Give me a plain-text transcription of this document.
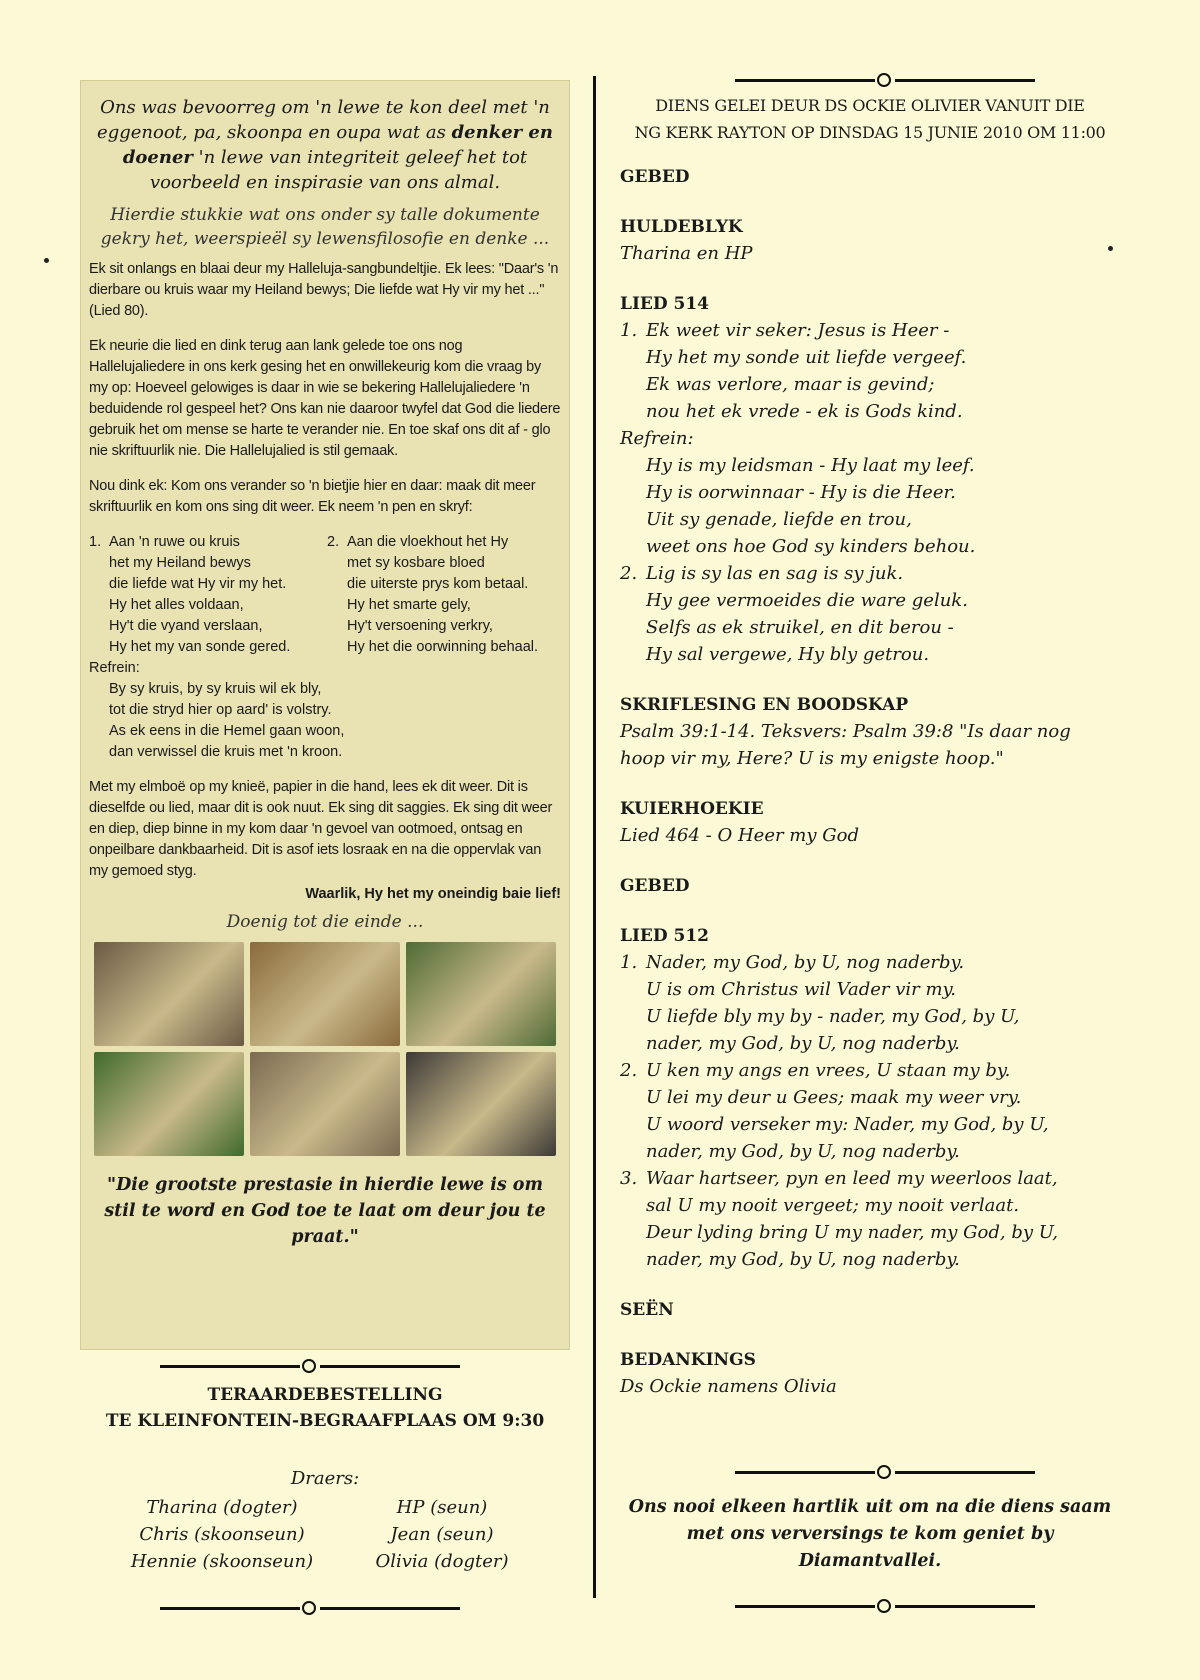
Ons was bevoorreg om 'n lewe te kon deel met 'n eggenoot, pa, skoonpa en oupa wat as denker en doener 'n lewe van integriteit geleef het tot voorbeeld en inspirasie van ons almal.
Hierdie stukkie wat ons onder sy talle dokumente gekry het, weerspieël sy lewensfilosofie en denke ...

Ek sit onlangs en blaai deur my Halleluja-sangbundeltjie. Ek lees: "Daar's 'n dierbare ou kruis waar my Heiland bewys; Die liefde wat Hy vir my het ..." (Lied 80).

Ek neurie die lied en dink terug aan lank gelede toe ons nog Hallelujaliedere in ons kerk gesing het en onwillekeurig kom die vraag by my op: Hoeveel gelowiges is daar in wie se bekering Hallelujaliedere 'n beduidende rol gespeel het? Ons kan nie daaroor twyfel dat God die liedere gebruik het om mense se harte te verander nie. En toe skaf ons dit af - glo nie skriftuurlik nie. Die Hallelujalied is stil gemaak.

Nou dink ek: Kom ons verander so 'n bietjie hier en daar: maak dit meer skriftuurlik en kom ons sing dit weer. Ek neem 'n pen en skryf:

1. Aan 'n ruwe ou kruis
het my Heiland bewys
die liefde wat Hy vir my het.
Hy het alles voldaan,
Hy't die vyand verslaan,
Hy het my van sonde gered.
2. Aan die vloekhout het Hy
met sy kosbare bloed
die uiterste prys kom betaal.
Hy het smarte gely,
Hy't versoening verkry,
Hy het die oorwinning behaal.
Refrein:
By sy kruis, by sy kruis wil ek bly,
tot die stryd hier op aard' is volstry.
As ek eens in die Hemel gaan woon,
dan verwissel die kruis met 'n kroon.

Met my elmboë op my knieë, papier in die hand, lees ek dit weer. Dit is dieselfde ou lied, maar dit is ook nuut. Ek sing dit saggies. Ek sing dit weer en diep, diep binne in my kom daar 'n gevoel van ootmoed, ontsag en onpeilbare dankbaarheid. Dit is asof iets losraak en na die oppervlak van my gemoed styg.

Waarlik, Hy het my oneindig baie lief!
Doenig tot die einde ...
"Die grootste prestasie in hierdie lewe is om stil te word en God toe te laat om deur jou te praat."
TERAARDEBESTELLING
TE KLEINFONTEIN-BEGRAAFPLAAS OM 9:30
Draers:
Tharina (dogter)	HP (seun)
Chris (skoonseun)	Jean (seun)
Hennie (skoonseun)	Olivia (dogter)
DIENS GELEI DEUR DS OCKIE OLIVIER VANUIT DIE
NG KERK RAYTON OP DINSDAG 15 JUNIE 2010 OM 11:00
GEBED
HULDEBLYK
Tharina en HP
LIED 514
1. Ek weet vir seker: Jesus is Heer -
Hy het my sonde uit liefde vergeef.
Ek was verlore, maar is gevind;
nou het ek vrede - ek is Gods kind.
Refrein:
Hy is my leidsman - Hy laat my leef.
Hy is oorwinnaar - Hy is die Heer.
Uit sy genade, liefde en trou,
weet ons hoe God sy kinders behou.
2. Lig is sy las en sag is sy juk.
Hy gee vermoeides die ware geluk.
Selfs as ek struikel, en dit berou -
Hy sal vergewe, Hy bly getrou.
SKRIFLESING EN BOODSKAP
Psalm 39:1-14. Teksvers: Psalm 39:8 "Is daar nog hoop vir my, Here? U is my enigste hoop."
KUIERHOEKIE
Lied 464 - O Heer my God
GEBED
LIED 512
1. Nader, my God, by U, nog naderby.
U is om Christus wil Vader vir my.
U liefde bly my by - nader, my God, by U,
nader, my God, by U, nog naderby.
2. U ken my angs en vrees, U staan my by.
U lei my deur u Gees; maak my weer vry.
U woord verseker my: Nader, my God, by U,
nader, my God, by U, nog naderby.
3. Waar hartseer, pyn en leed my weerloos laat,
sal U my nooit vergeet; my nooit verlaat.
Deur lyding bring U my nader, my God, by U,
nader, my God, by U, nog naderby.
SEËN
BEDANKINGS
Ds Ockie namens Olivia
Ons nooi elkeen hartlik uit om na die diens saam met ons verversings te kom geniet by Diamantvallei.
